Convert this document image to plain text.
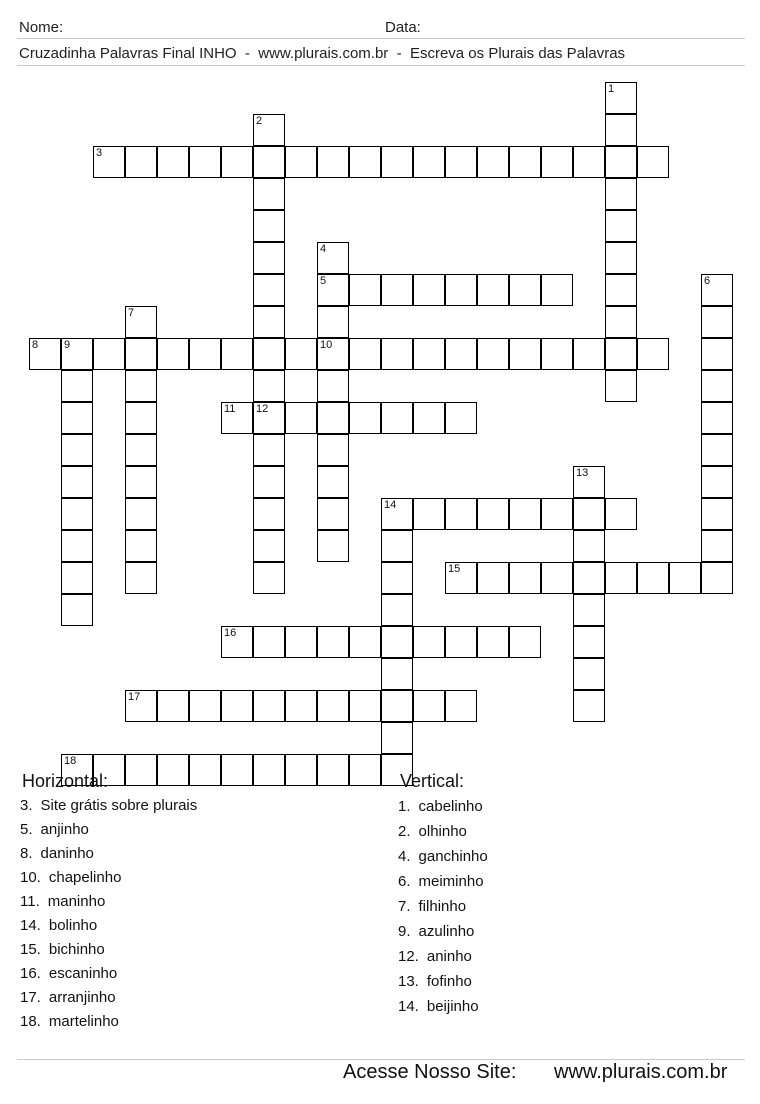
Nome:	Data:
Cruzadinha Palavras Final INHO  -  www.plurais.com.br  -  Escreva os Plurais das Palavras
1
2
3
4
5
10
6
7
8 9
11 12
13
14
15
16
17
18
Horizontal:
3. Site grátis sobre plurais
5. anjinho
8. daninho
10. chapelinho
11. maninho
14. bolinho
15. bichinho
16. escaninho
17. arranjinho
18. martelinho
Vertical:
1. cabelinho
2. olhinho
4. ganchinho
6. meiminho
7. filhinho
9. azulinho
12. aninho
13. fofinho
14. beijinho
Acesse Nosso Site: www.plurais.com.br
